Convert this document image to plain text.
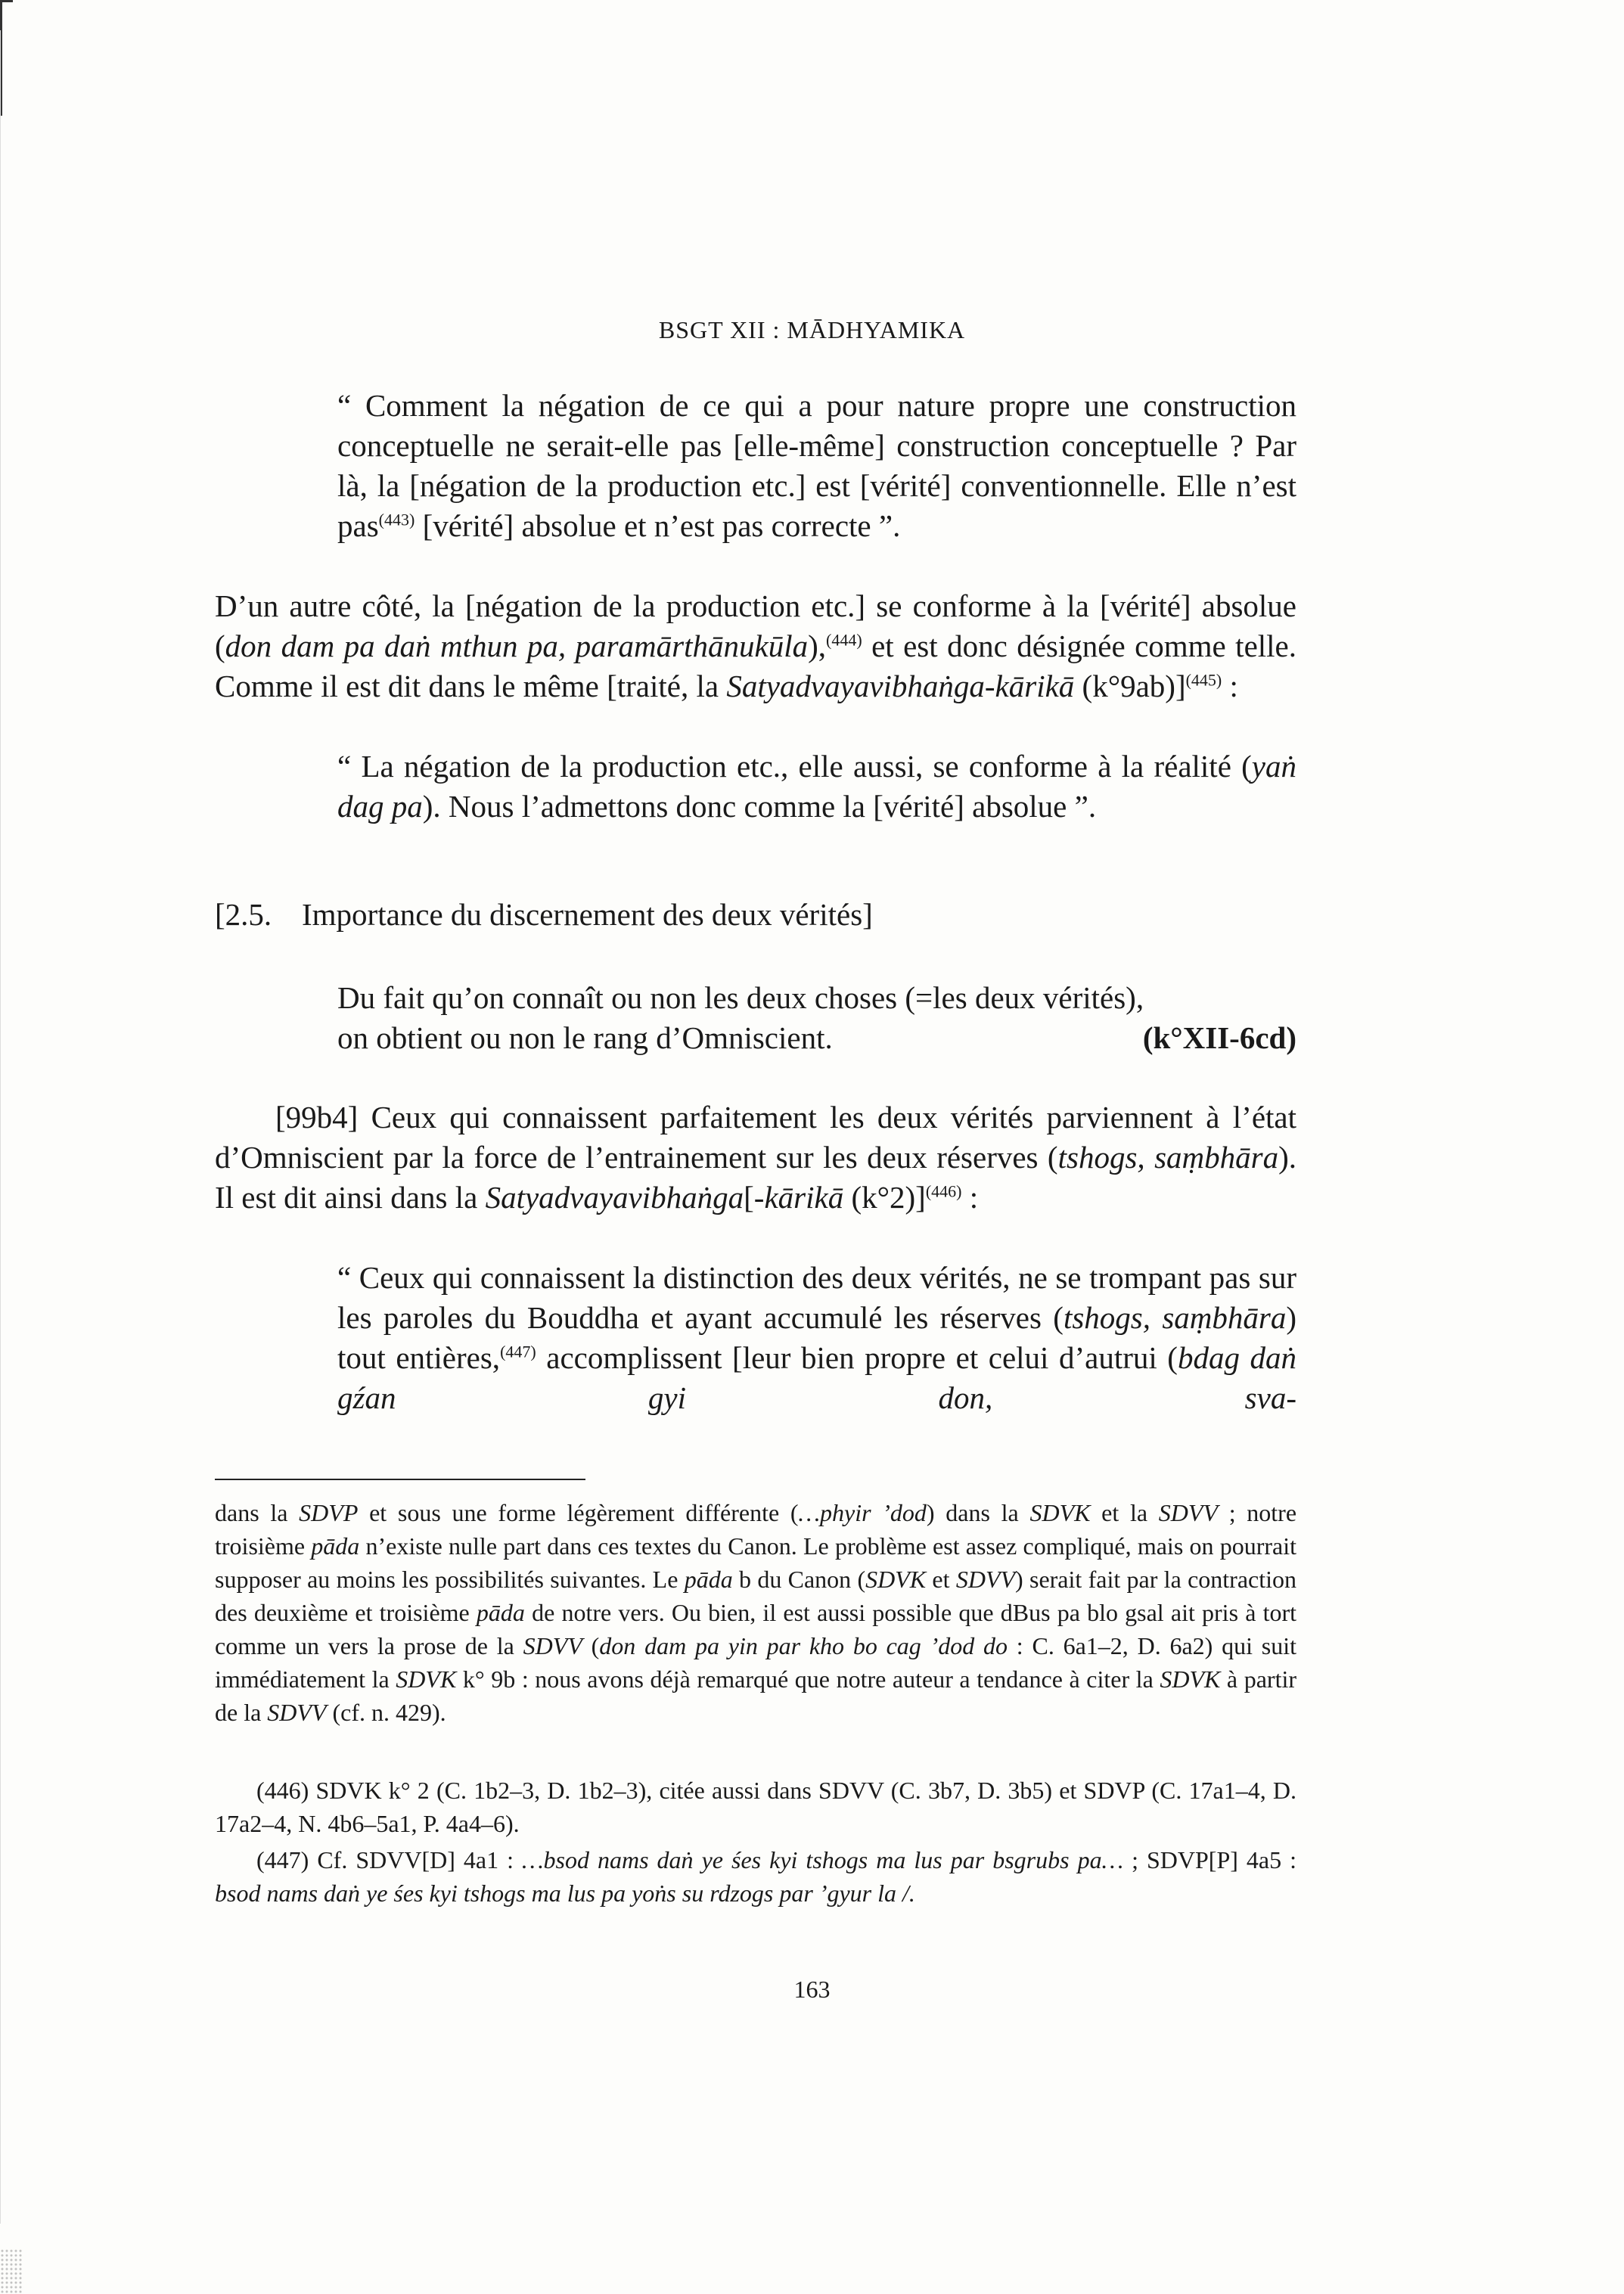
BSGT XII : MĀDHYAMIKA
“ Comment la négation de ce qui a pour nature propre une construction conceptuelle ne serait-elle pas [elle-même] construction conceptuelle ? Par là, la [négation de la production etc.] est [vérité] conventionnelle. Elle n’est pas$^{(443)}$ [vérité] absolue et n’est pas correcte ”.
D’un autre côté, la [négation de la production etc.] se conforme à la [vérité] absolue (don dam pa daṅ mthun pa, paramārthānukūla),$^{(444)}$ et est donc désignée comme telle. Comme il est dit dans le même [traité, la Satyadvayavibhaṅga-kārikā (k°9ab)]$^{(445)}$ :
“ La négation de la production etc., elle aussi, se conforme à la réalité (yaṅ dag pa). Nous l’admettons donc comme la [vérité] absolue ”.
[2.5. Importance du discernement des deux vérités]
Du fait qu’on connaît ou non les deux choses (=les deux vérités),
on obtient ou non le rang d’Omniscient.	(k°XII-6cd)
[99b4] Ceux qui connaissent parfaitement les deux vérités parviennent à l’état d’Omniscient par la force de l’entrainement sur les deux réserves (tshogs, saṃbhāra). Il est dit ainsi dans la Satyadvayavibhaṅga[-kārikā (k°2)]$^{(446)}$ :
“ Ceux qui connaissent la distinction des deux vérités, ne se trompant pas sur les paroles du Bouddha et ayant accumulé les réserves (tshogs, saṃbhāra) tout entières,$^{(447)}$ accomplissent [leur bien propre et celui d’autrui (bdag daṅ gźan gyi don, sva-
dans la SDVP et sous une forme légèrement différente (…phyir ’dod) dans la SDVK et la SDVV ; notre troisième pāda n’existe nulle part dans ces textes du Canon. Le problème est assez compliqué, mais on pourrait supposer au moins les possibilités suivantes. Le pāda b du Canon (SDVK et SDVV) serait fait par la contraction des deuxième et troisième pāda de notre vers. Ou bien, il est aussi possible que dBus pa blo gsal ait pris à tort comme un vers la prose de la SDVV (don dam pa yin par kho bo cag ’dod do : C. 6a1–2, D. 6a2) qui suit immédiatement la SDVK k° 9b : nous avons déjà remarqué que notre auteur a tendance à citer la SDVK à partir de la SDVV (cf. n. 429).
(446) SDVK k° 2 (C. 1b2–3, D. 1b2–3), citée aussi dans SDVV (C. 3b7, D. 3b5) et SDVP (C. 17a1–4, D. 17a2–4, N. 4b6–5a1, P. 4a4–6).
(447) Cf. SDVV[D] 4a1 : …bsod nams daṅ ye śes kyi tshogs ma lus par bsgrubs pa… ; SDVP[P] 4a5 : bsod nams daṅ ye śes kyi tshogs ma lus pa yoṅs su rdzogs par ’gyur la /.
163
